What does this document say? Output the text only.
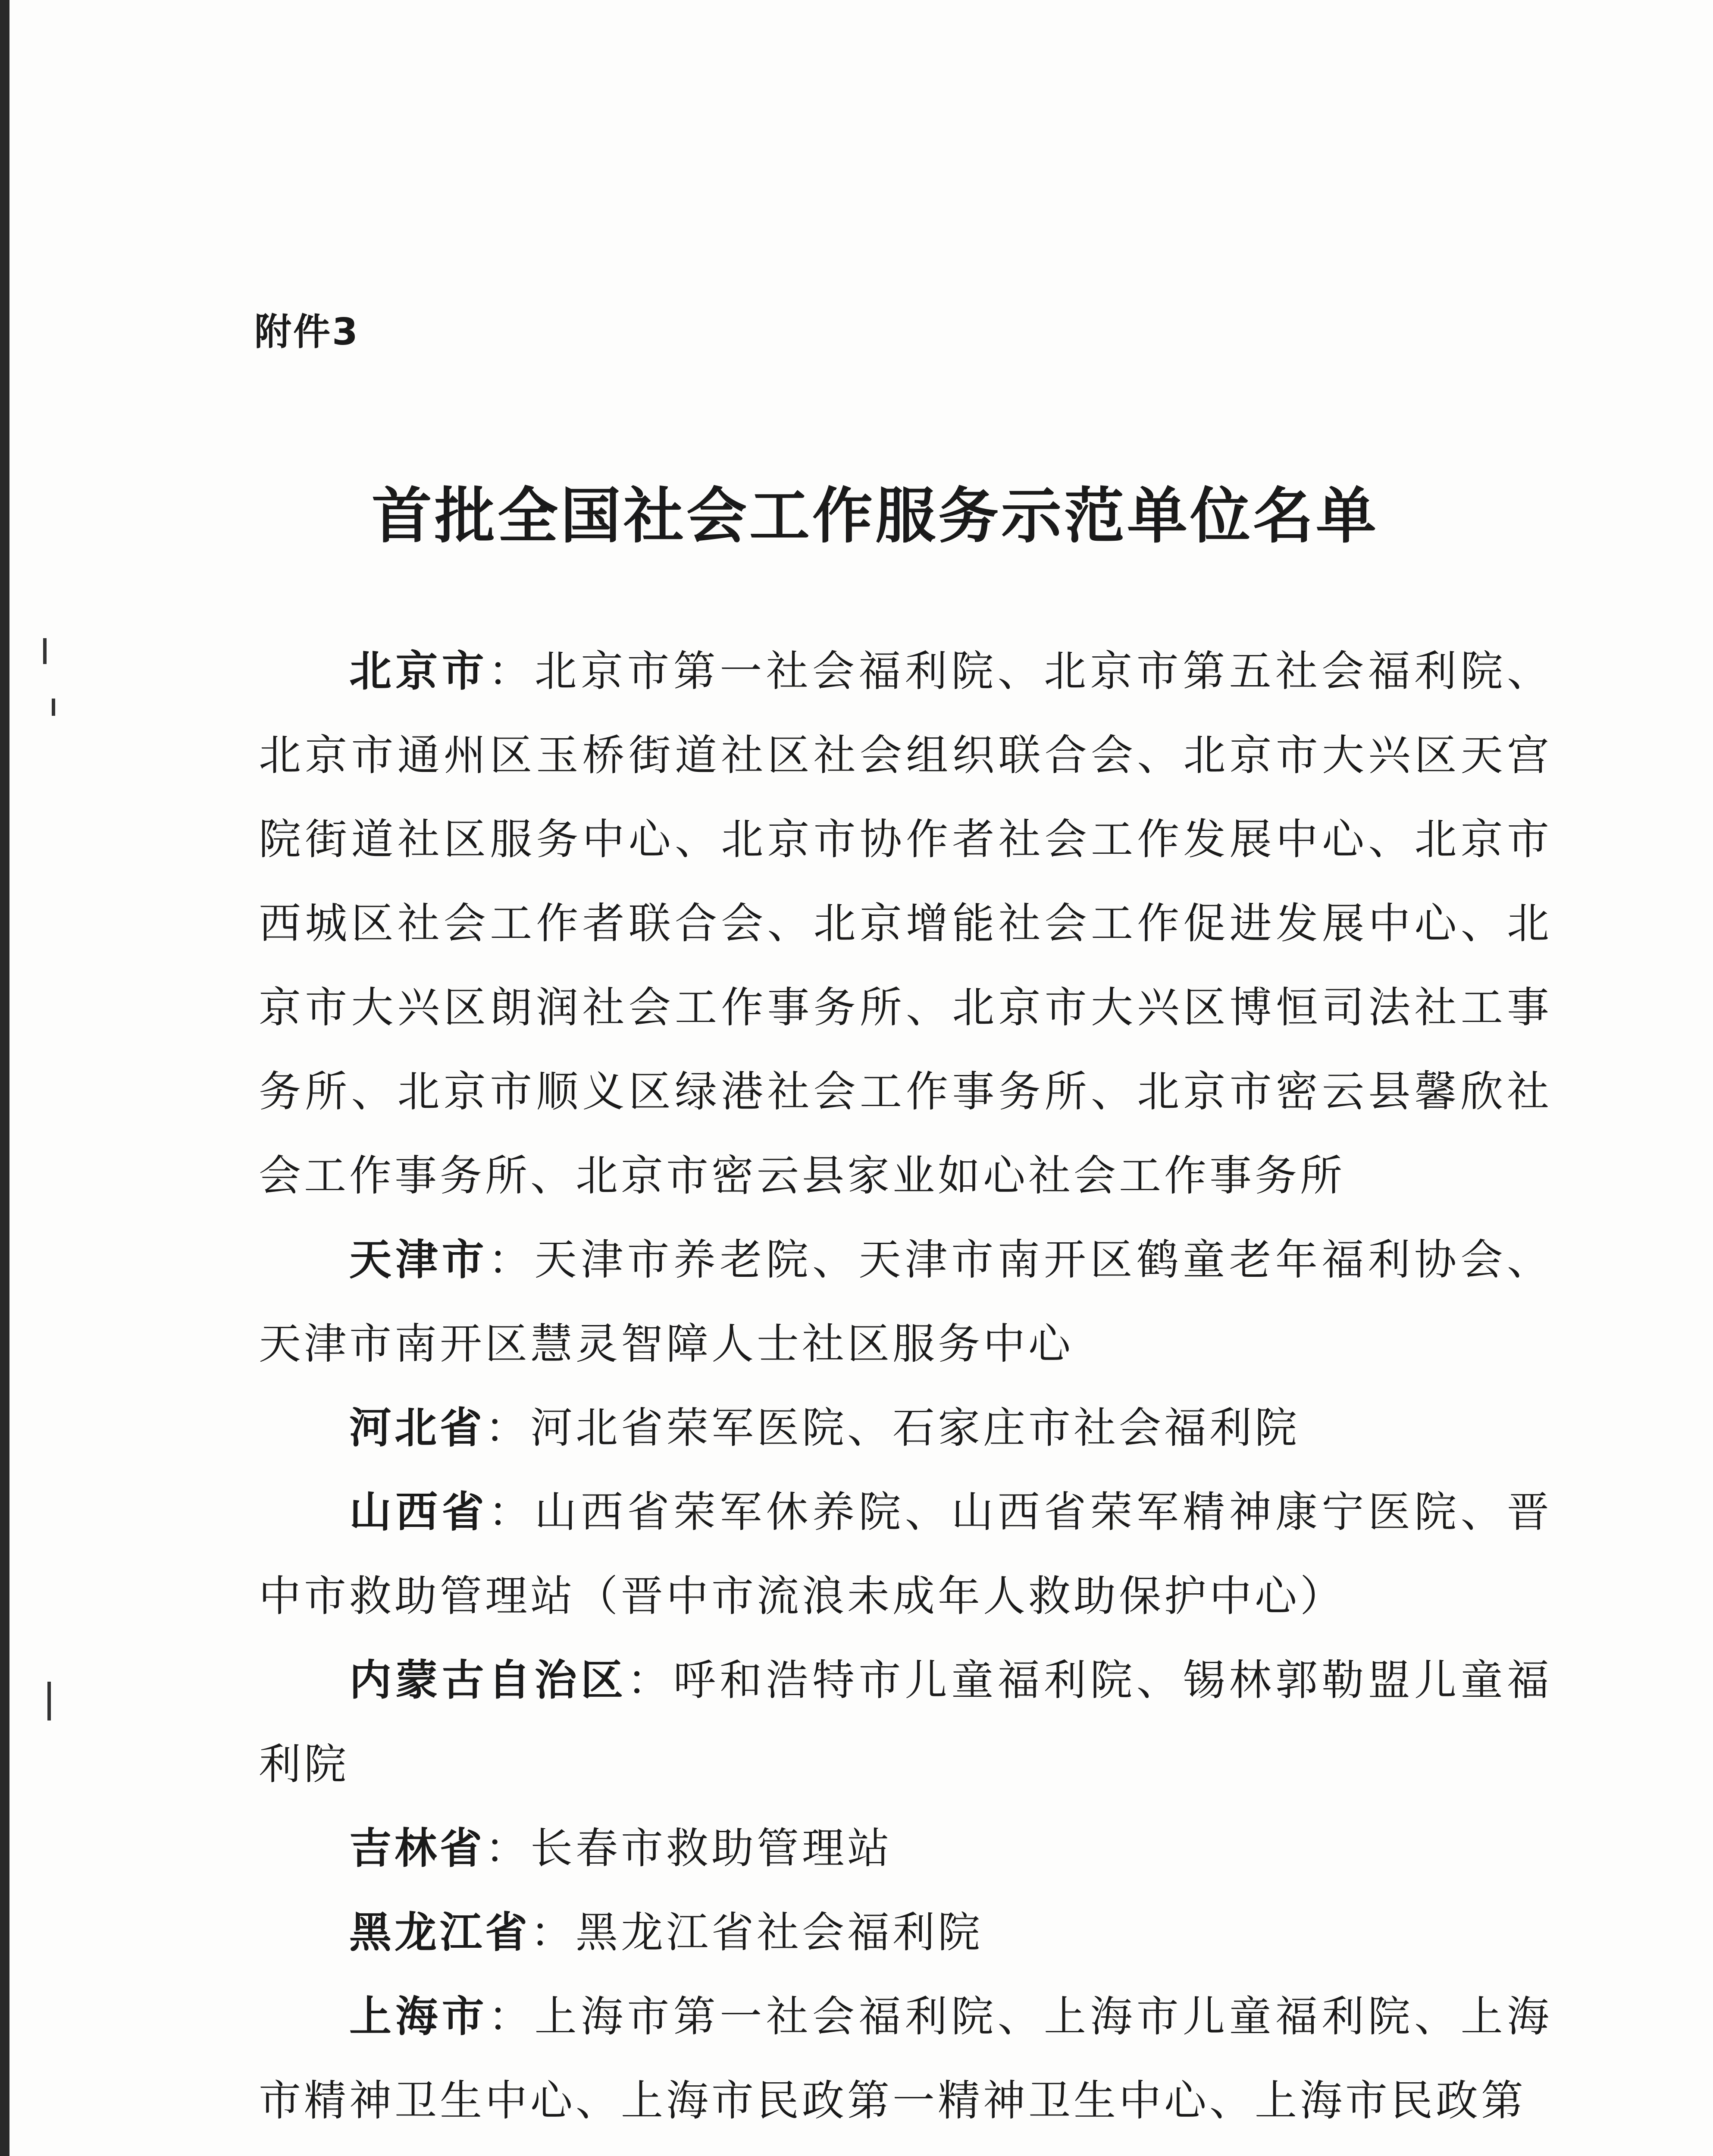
附件3
首批全国社会工作服务示范单位名单

北京市：北京市第一社会福利院、北京市第五社会福利院、北京市通州区玉桥街道社区社会组织联合会、北京市大兴区天宫院街道社区服务中心、北京市协作者社会工作发展中心、北京市西城区社会工作者联合会、北京增能社会工作促进发展中心、北京市大兴区朗润社会工作事务所、北京市大兴区博恒司法社工事务所、北京市顺义区绿港社会工作事务所、北京市密云县馨欣社会工作事务所、北京市密云县家业如心社会工作事务所

天津市：天津市养老院、天津市南开区鹤童老年福利协会、天津市南开区慧灵智障人士社区服务中心

河北省：河北省荣军医院、石家庄市社会福利院

山西省：山西省荣军休养院、山西省荣军精神康宁医院、晋中市救助管理站（晋中市流浪未成年人救助保护中心）

内蒙古自治区：呼和浩特市儿童福利院、锡林郭勒盟儿童福利院

吉林省：长春市救助管理站

黑龙江省：黑龙江省社会福利院

上海市：上海市第一社会福利院、上海市儿童福利院、上海市精神卫生中心、上海市民政第一精神卫生中心、上海市民政第
